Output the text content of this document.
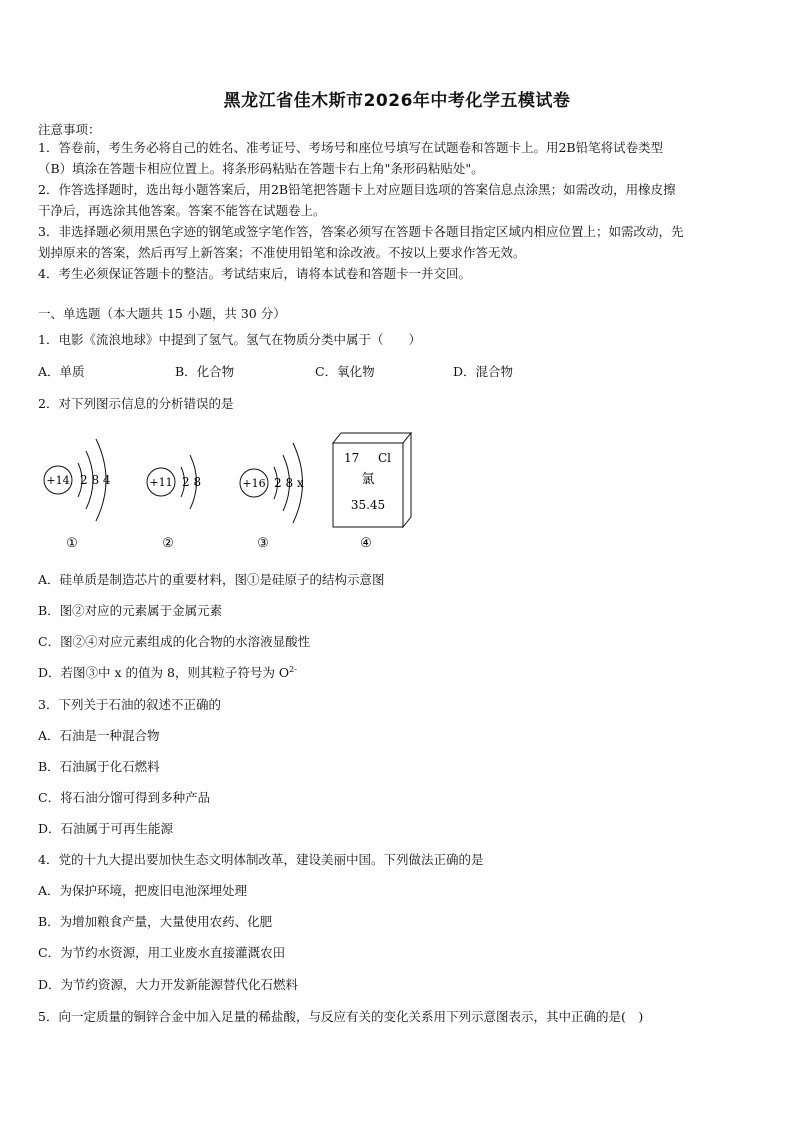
黑龙江省佳木斯市2026年中考化学五模试卷
注意事项：
1．答卷前，考生务必将自己的姓名、准考证号、考场号和座位号填写在试题卷和答题卡上。用2B铅笔将试卷类型
（B）填涂在答题卡相应位置上。将条形码粘贴在答题卡右上角"条形码粘贴处"。
2．作答选择题时，选出每小题答案后，用2B铅笔把答题卡上对应题目选项的答案信息点涂黑；如需改动，用橡皮擦
干净后，再选涂其他答案。答案不能答在试题卷上。
3．非选择题必须用黑色字迹的钢笔或签字笔作答，答案必须写在答题卡各题目指定区域内相应位置上；如需改动，先
划掉原来的答案，然后再写上新答案；不准使用铅笔和涂改液。不按以上要求作答无效。
4．考生必须保证答题卡的整洁。考试结束后，请将本试卷和答题卡一并交回。
一、单选题（本大题共 15 小题，共 30 分）
1．电影《流浪地球》中提到了氢气。氢气在物质分类中属于（　　）
A．单质	B．化合物	C．氧化物	D．混合物
2．对下列图示信息的分析错误的是
+14 2 8 4
①
+11 2 8
②
+16 2 8 x
③
17 Cl
氯
35.45
④
A．硅单质是制造芯片的重要材料，图①是硅原子的结构示意图
B．图②对应的元素属于金属元素
C．图②④对应元素组成的化合物的水溶液显酸性
D．若图③中 x 的值为 8，则其粒子符号为 $O^{2-}$
3．下列关于石油的叙述不正确的
A．石油是一种混合物
B．石油属于化石燃料
C．将石油分馏可得到多种产品
D．石油属于可再生能源
4．党的十九大提出要加快生态文明体制改革，建设美丽中国。下列做法正确的是
A．为保护环境，把废旧电池深埋处理
B．为增加粮食产量，大量使用农药、化肥
C．为节约水资源，用工业废水直接灌溉农田
D．为节约资源，大力开发新能源替代化石燃料
5．向一定质量的铜锌合金中加入足量的稀盐酸，与反应有关的变化关系用下列示意图表示，其中正确的是(　)
